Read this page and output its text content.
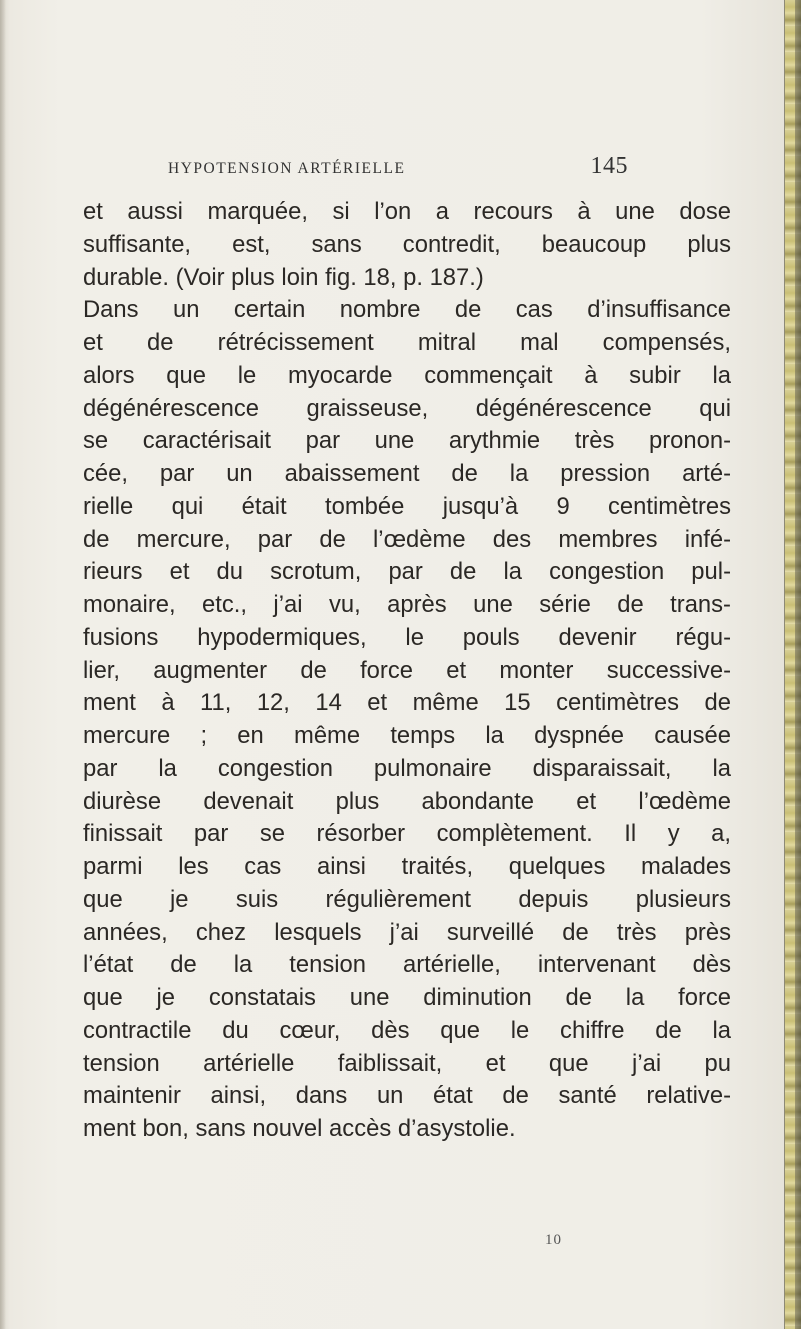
HYPOTENSION ARTÉRIELLE	145
et aussi marquée, si l’on a recours à une dose
suffisante, est, sans contredit, beaucoup plus
durable. (Voir plus loin fig. 18, p. 187.)
Dans un certain nombre de cas d’insuffisance
et de rétrécissement mitral mal compensés,
alors que le myocarde commençait à subir la
dégénérescence graisseuse, dégénérescence qui
se caractérisait par une arythmie très pronon-
cée, par un abaissement de la pression arté-
rielle qui était tombée jusqu’à 9 centimètres
de mercure, par de l’œdème des membres infé-
rieurs et du scrotum, par de la congestion pul-
monaire, etc., j’ai vu, après une série de trans-
fusions hypodermiques, le pouls devenir régu-
lier, augmenter de force et monter successive-
ment à 11, 12, 14 et même 15 centimètres de
mercure ; en même temps la dyspnée causée
par la congestion pulmonaire disparaissait, la
diurèse devenait plus abondante et l’œdème
finissait par se résorber complètement. Il y a,
parmi les cas ainsi traités, quelques malades
que je suis régulièrement depuis plusieurs
années, chez lesquels j’ai surveillé de très près
l’état de la tension artérielle, intervenant dès
que je constatais une diminution de la force
contractile du cœur, dès que le chiffre de la
tension artérielle faiblissait, et que j’ai pu
maintenir ainsi, dans un état de santé relative-
ment bon, sans nouvel accès d’asystolie.
10
